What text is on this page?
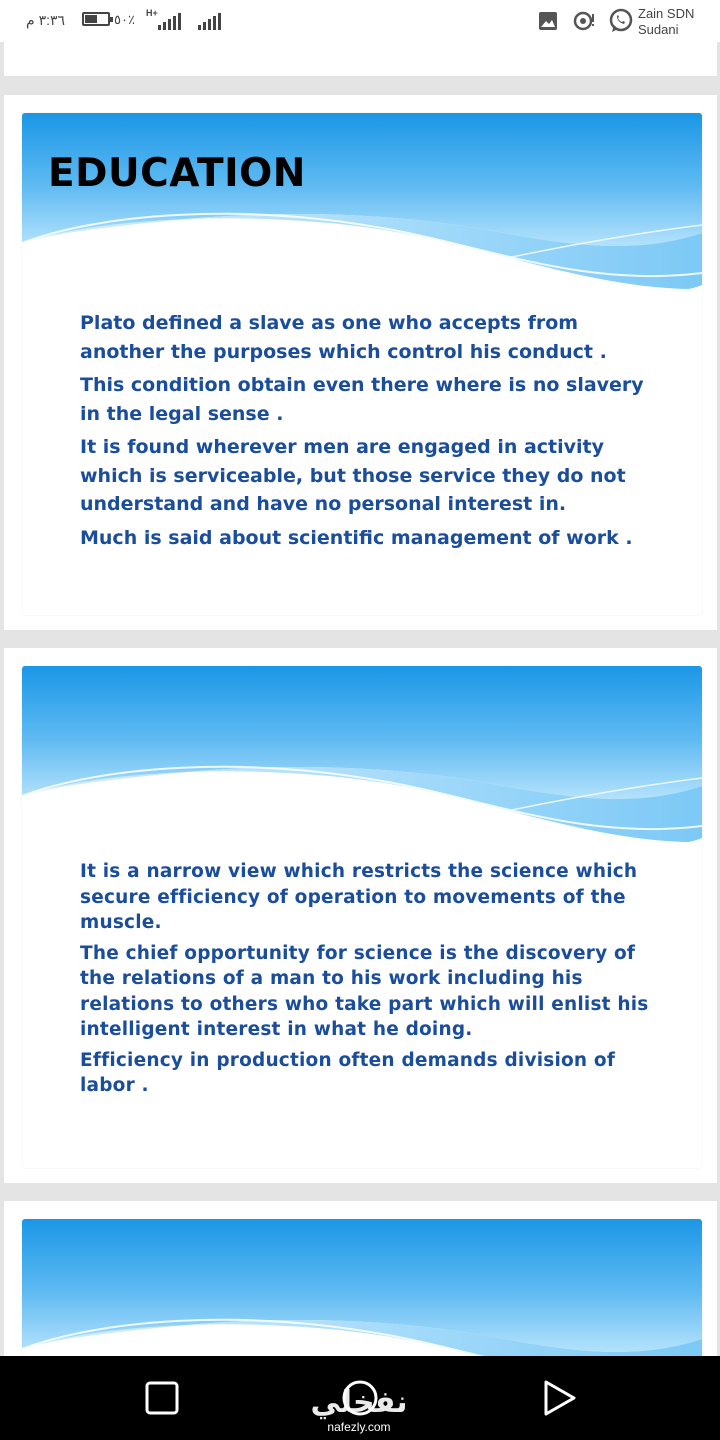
٣:٣٦ م	٥٠٪ H+	Zain SDN
Sudani
EDUCATION

Plato defined a slave as one who accepts from another the purposes which control his conduct .

This condition obtain even there where is no slavery in the legal sense .

It is found wherever men are engaged in activity which is serviceable, but those service they do not understand and have no personal interest in.

Much is said about scientific management of work .

It is a narrow view which restricts the science which secure efficiency of operation to movements of the muscle.

The chief opportunity for science is the discovery of the relations of a man to his work including his relations to others who take part which will enlist his intelligent interest in what he doing.

Efficiency in production often demands division of labor .

نفخلي
nafezly.com
